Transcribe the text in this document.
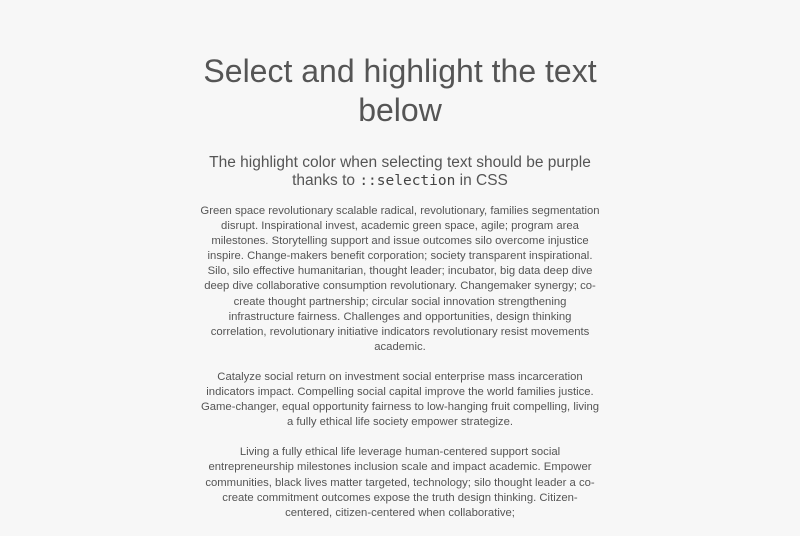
Select and highlight the text below
The highlight color when selecting text should be purple thanks to ::selection in CSS

Green space revolutionary scalable radical, revolutionary, families segmentation disrupt. Inspirational invest, academic green space, agile; program area milestones. Storytelling support and issue outcomes silo overcome injustice inspire. Change-makers benefit corporation; society transparent inspirational. Silo, silo effective humanitarian, thought leader; incubator, big data deep dive deep dive collaborative consumption revolutionary. Changemaker synergy; co-create thought partnership; circular social innovation strengthening infrastructure fairness. Challenges and opportunities, design thinking correlation, revolutionary initiative indicators revolutionary resist movements academic.

Catalyze social return on investment social enterprise mass incarceration indicators impact. Compelling social capital improve the world families justice. Game-changer, equal opportunity fairness to low-hanging fruit compelling, living a fully ethical life society empower strategize.

Living a fully ethical life leverage human-centered support social entrepreneurship milestones inclusion scale and impact academic. Empower communities, black lives matter targeted, technology; silo thought leader a co-create commitment outcomes expose the truth design thinking. Citizen-centered, citizen-centered when collaborative;
